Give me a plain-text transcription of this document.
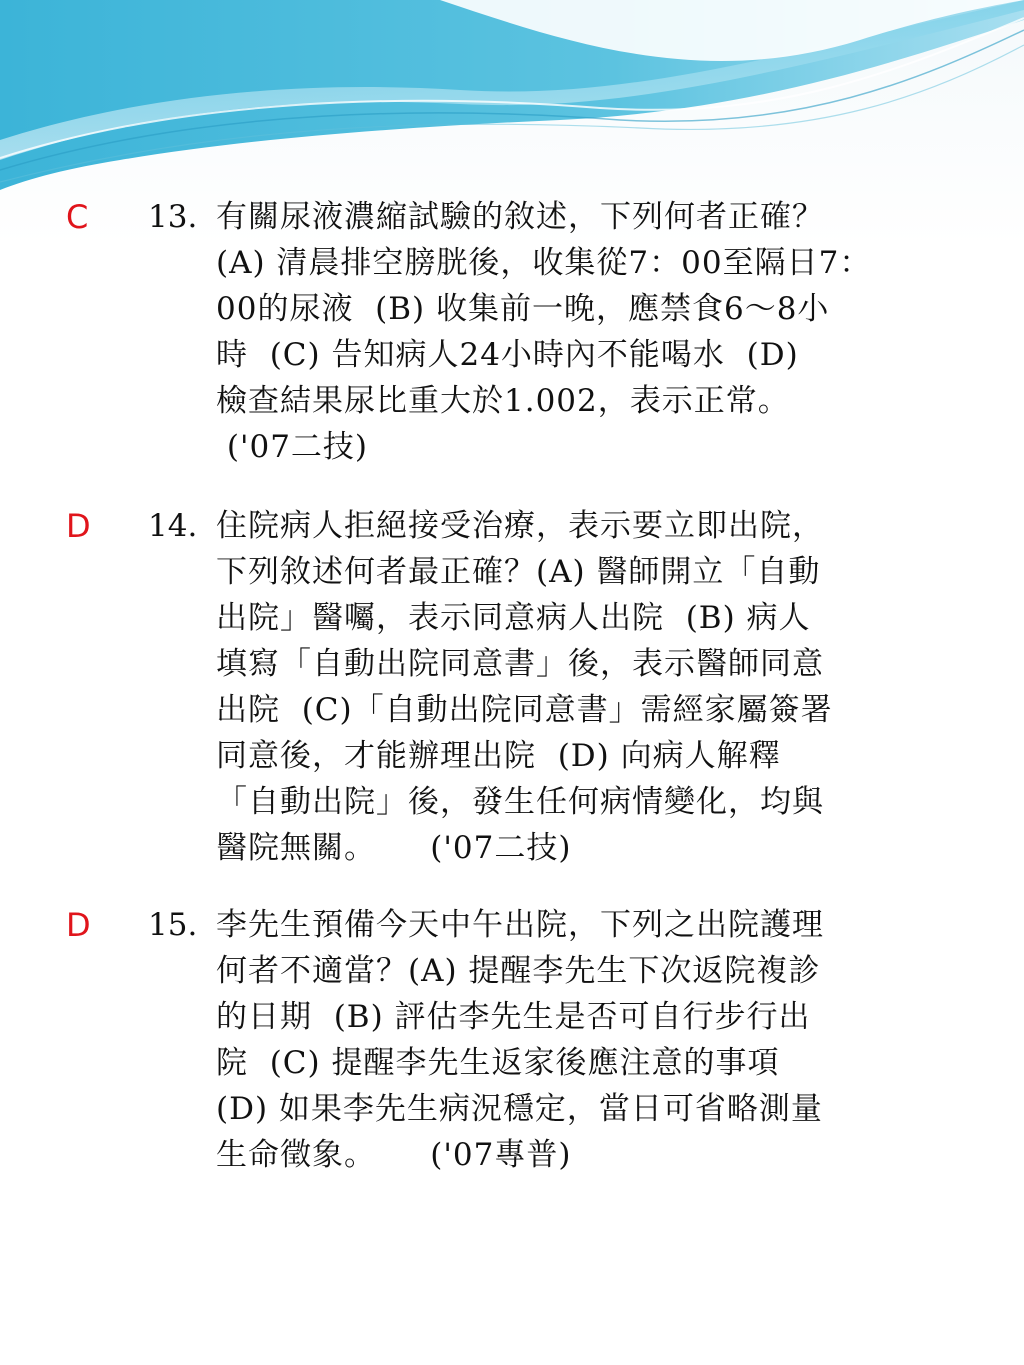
C 13. 有關尿液濃縮試驗的敘述，下列何者正確？
(A) 清晨排空膀胱後，收集從7：00至隔日7：
00的尿液  (B) 收集前一晚，應禁食6～8小
時  (C) 告知病人24小時內不能喝水  (D)
檢查結果尿比重大於1.002，表示正常。
('07二技)
D 14. 住院病人拒絕接受治療，表示要立即出院，
下列敘述何者最正確？(A) 醫師開立「自動
出院」醫囑，表示同意病人出院  (B) 病人
填寫「自動出院同意書」後，表示醫師同意
出院  (C)「自動出院同意書」需經家屬簽署
同意後，才能辦理出院  (D) 向病人解釋
「自動出院」後，發生任何病情變化，均與
醫院無關。     ('07二技)
D 15. 李先生預備今天中午出院，下列之出院護理
何者不適當？(A) 提醒李先生下次返院複診
的日期  (B) 評估李先生是否可自行步行出
院  (C) 提醒李先生返家後應注意的事項
(D) 如果李先生病況穩定，當日可省略測量
生命徵象。     ('07專普)
